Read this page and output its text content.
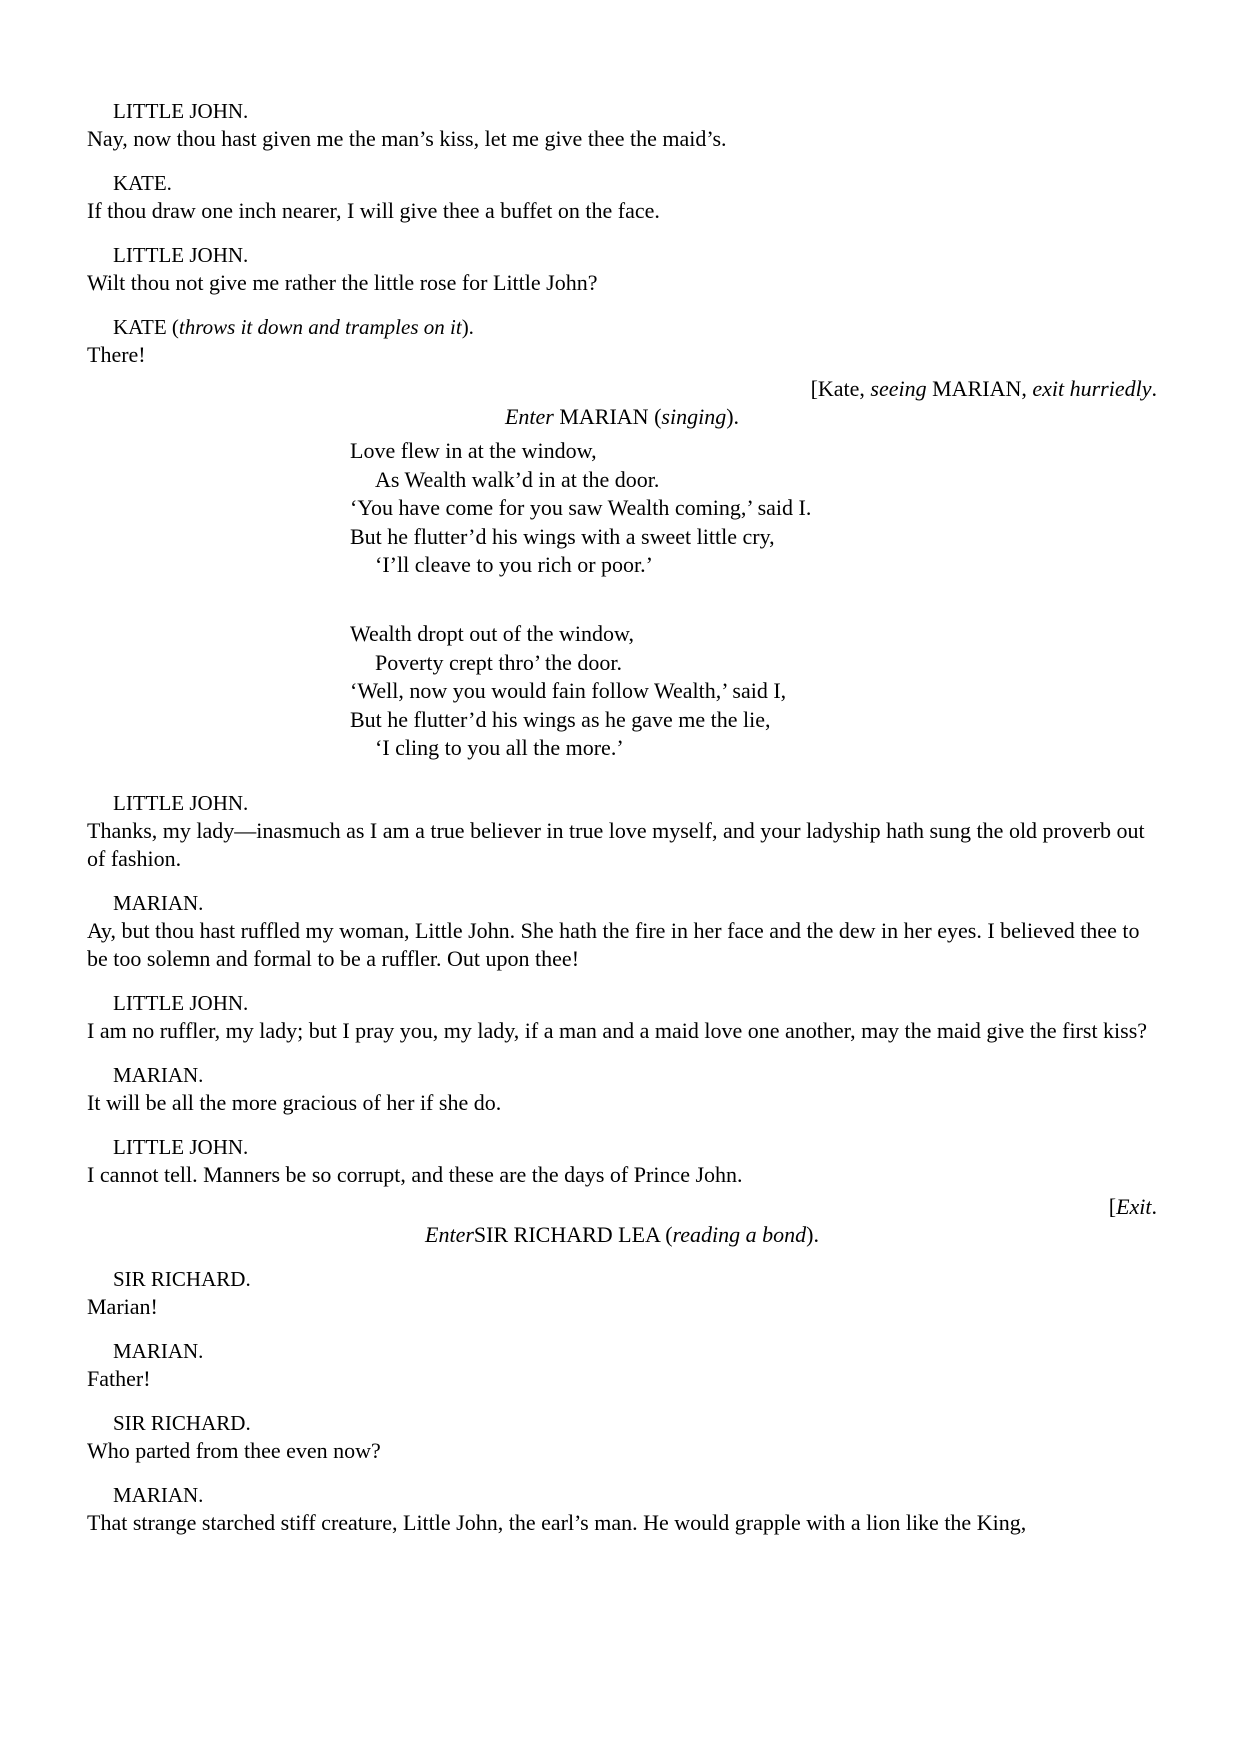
LITTLE JOHN.
Nay, now thou hast given me the man’s kiss, let me give thee the maid’s.
KATE.
If thou draw one inch nearer, I will give thee a buffet on the face.
LITTLE JOHN.
Wilt thou not give me rather the little rose for Little John?
KATE (throws it down and tramples on it).
There!
[Kate, seeing MARIAN, exit hurriedly.
Enter MARIAN (singing).
Love flew in at the window,
As Wealth walk’d in at the door.
‘You have come for you saw Wealth coming,’ said I.
But he flutter’d his wings with a sweet little cry,
‘I’ll cleave to you rich or poor.’
Wealth dropt out of the window,
Poverty crept thro’ the door.
‘Well, now you would fain follow Wealth,’ said I,
But he flutter’d his wings as he gave me the lie,
‘I cling to you all the more.’
LITTLE JOHN.
Thanks, my lady—inasmuch as I am a true believer in true love myself, and your ladyship hath sung the old proverb out of fashion.
MARIAN.
Ay, but thou hast ruffled my woman, Little John. She hath the fire in her face and the dew in her eyes. I believed thee to be too solemn and formal to be a ruffler. Out upon thee!
LITTLE JOHN.
I am no ruffler, my lady; but I pray you, my lady, if a man and a maid love one another, may the maid give the first kiss?
MARIAN.
It will be all the more gracious of her if she do.
LITTLE JOHN.
I cannot tell. Manners be so corrupt, and these are the days of Prince John.
[Exit.
EnterSIR RICHARD LEA (reading a bond).
SIR RICHARD.
Marian!
MARIAN.
Father!
SIR RICHARD.
Who parted from thee even now?
MARIAN.
That strange starched stiff creature, Little John, the earl’s man. He would grapple with a lion like the King,
